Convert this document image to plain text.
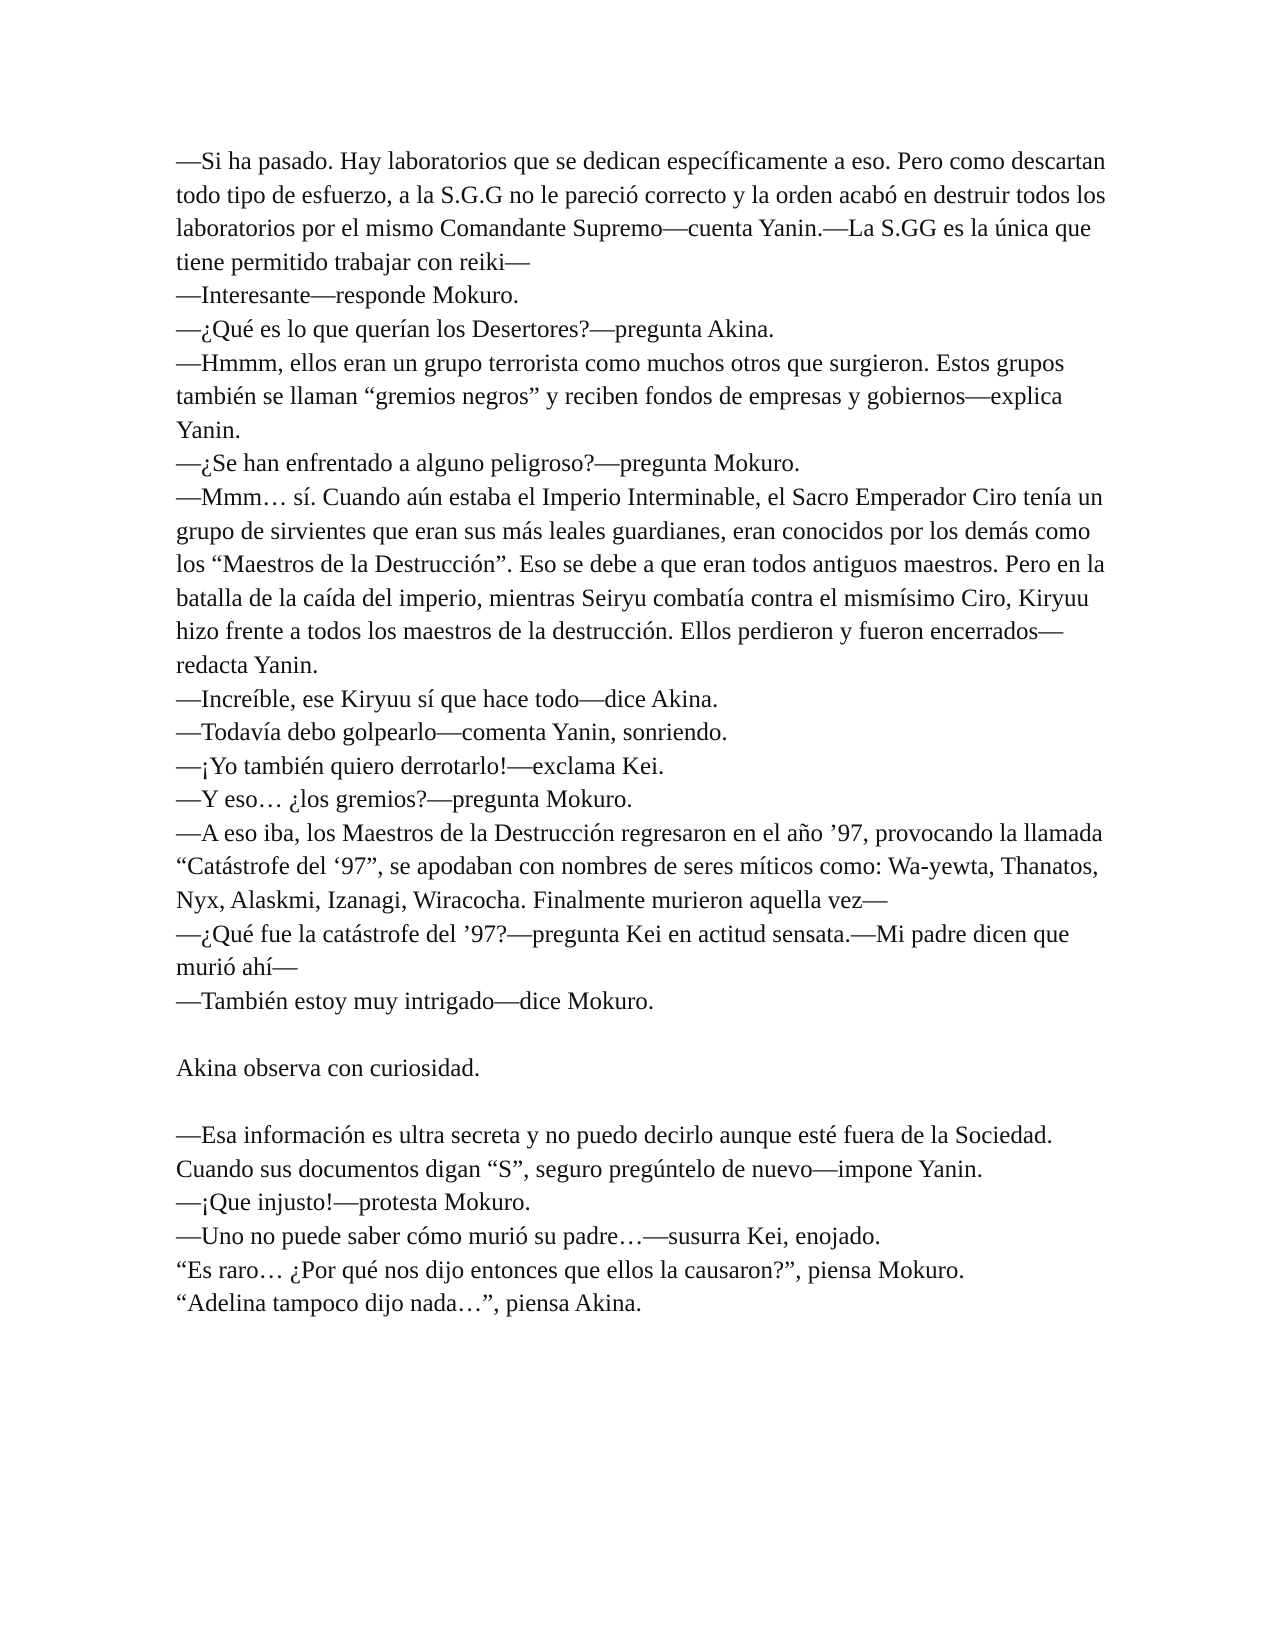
—Si ha pasado. Hay laboratorios que se dedican específicamente a eso. Pero como descartan todo tipo de esfuerzo, a la S.G.G no le pareció correcto y la orden acabó en destruir todos los laboratorios por el mismo Comandante Supremo—cuenta Yanin.—La S.GG es la única que tiene permitido trabajar con reiki—

—Interesante—responde Mokuro.

—¿Qué es lo que querían los Desertores?—pregunta Akina.

—Hmmm, ellos eran un grupo terrorista como muchos otros que surgieron. Estos grupos también se llaman “gremios negros” y reciben fondos de empresas y gobiernos—explica Yanin.

—¿Se han enfrentado a alguno peligroso?—pregunta Mokuro.

—Mmm… sí. Cuando aún estaba el Imperio Interminable, el Sacro Emperador Ciro tenía un grupo de sirvientes que eran sus más leales guardianes, eran conocidos por los demás como los “Maestros de la Destrucción”. Eso se debe a que eran todos antiguos maestros. Pero en la batalla de la caída del imperio, mientras Seiryu combatía contra el mismísimo Ciro, Kiryuu hizo frente a todos los maestros de la destrucción. Ellos perdieron y fueron encerrados—redacta Yanin.

—Increíble, ese Kiryuu sí que hace todo—dice Akina.

—Todavía debo golpearlo—comenta Yanin, sonriendo.

—¡Yo también quiero derrotarlo!—exclama Kei.

—Y eso… ¿los gremios?—pregunta Mokuro.

—A eso iba, los Maestros de la Destrucción regresaron en el año ’97, provocando la llamada “Catástrofe del ‘97”, se apodaban con nombres de seres míticos como: Wa-yewta, Thanatos, Nyx, Alaskmi, Izanagi, Wiracocha. Finalmente murieron aquella vez—

—¿Qué fue la catástrofe del ’97?—pregunta Kei en actitud sensata.—Mi padre dicen que murió ahí—

—También estoy muy intrigado—dice Mokuro.

Akina observa con curiosidad.

—Esa información es ultra secreta y no puedo decirlo aunque esté fuera de la Sociedad. Cuando sus documentos digan “S”, seguro pregúntelo de nuevo—impone Yanin.

—¡Que injusto!—protesta Mokuro.

—Uno no puede saber cómo murió su padre…—susurra Kei, enojado.

“Es raro… ¿Por qué nos dijo entonces que ellos la causaron?”, piensa Mokuro.

“Adelina tampoco dijo nada…”, piensa Akina.
